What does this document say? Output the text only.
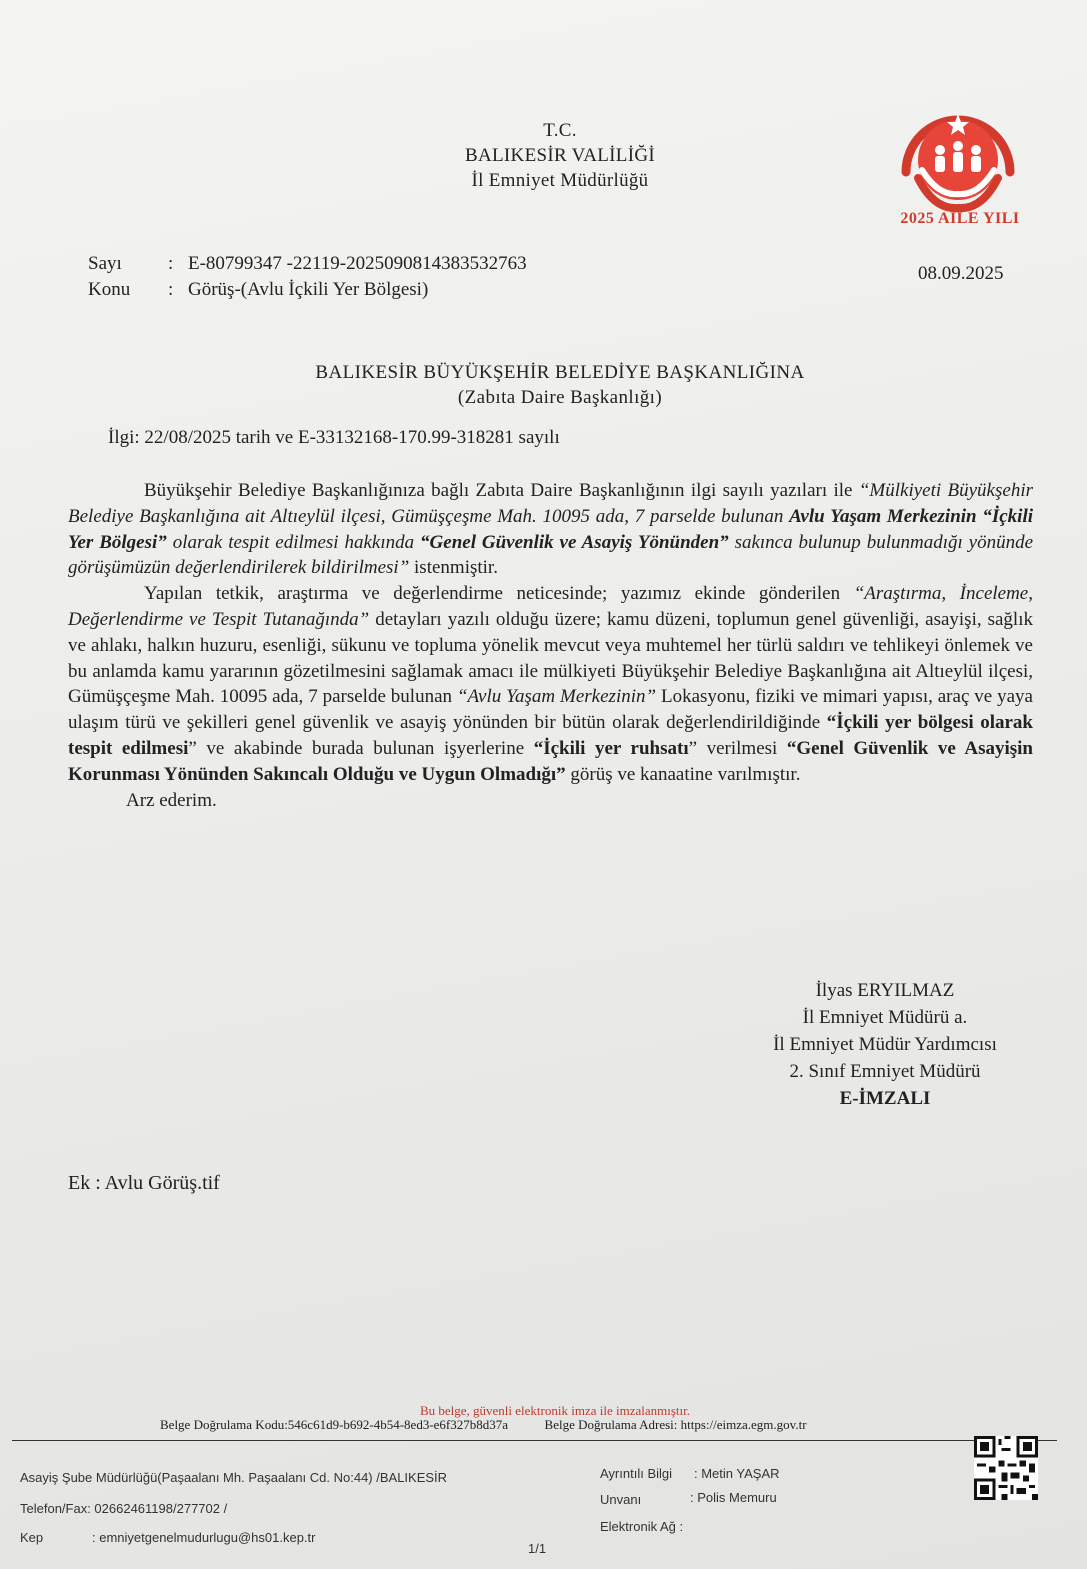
T.C.
BALIKESİR VALİLİĞİ
İl Emniyet Müdürlüğü
2025 AİLE YILI
Sayı : E-80799347 -22119-2025090814383532763
Konu : Görüş-(Avlu İçkili Yer Bölgesi)
08.09.2025
BALIKESİR BÜYÜKŞEHİR BELEDİYE BAŞKANLIĞINA
(Zabıta Daire Başkanlığı)
İlgi: 22/08/2025 tarih ve E-33132168-170.99-318281 sayılı

Büyükşehir Belediye Başkanlığınıza bağlı Zabıta Daire Başkanlığının ilgi sayılı yazıları ile “Mülkiyeti Büyükşehir Belediye Başkanlığına ait Altıeylül ilçesi, Gümüşçeşme Mah. 10095 ada, 7 parselde bulunan Avlu Yaşam Merkezinin “İçkili Yer Bölgesi” olarak tespit edilmesi hakkında “Genel Güvenlik ve Asayiş Yönünden” sakınca bulunup bulunmadığı yönünde görüşümüzün değerlendirilerek bildirilmesi” istenmiştir.

Yapılan tetkik, araştırma ve değerlendirme neticesinde; yazımız ekinde gönderilen “Araştırma, İnceleme, Değerlendirme ve Tespit Tutanağında” detayları yazılı olduğu üzere; kamu düzeni, toplumun genel güvenliği, asayişi, sağlık ve ahlakı, halkın huzuru, esenliği, sükunu ve topluma yönelik mevcut veya muhtemel her türlü saldırı ve tehlikeyi önlemek ve bu anlamda kamu yararının gözetilmesini sağlamak amacı ile mülkiyeti Büyükşehir Belediye Başkanlığına ait Altıeylül ilçesi, Gümüşçeşme Mah. 10095 ada, 7 parselde bulunan “Avlu Yaşam Merkezinin” Lokasyonu, fiziki ve mimari yapısı, araç ve yaya ulaşım türü ve şekilleri genel güvenlik ve asayiş yönünden bir bütün olarak değerlendirildiğinde “İçkili yer bölgesi olarak tespit edilmesi” ve akabinde burada bulunan işyerlerine “İçkili yer ruhsatı” verilmesi “Genel Güvenlik ve Asayişin Korunması Yönünden Sakıncalı Olduğu ve Uygun Olmadığı” görüş ve kanaatine varılmıştır.

Arz ederim.

İlyas ERYILMAZ
İl Emniyet Müdürü a.
İl Emniyet Müdür Yardımcısı
2. Sınıf Emniyet Müdürü
E-İMZALI
Ek : Avlu Görüş.tif
Bu belge, güvenli elektronik imza ile imzalanmıştır.
Belge Doğrulama Kodu:546c61d9-b692-4b54-8ed3-e6f327b8d37a	Belge Doğrulama Adresi: https://eimza.egm.gov.tr
Asayiş Şube Müdürlüğü(Paşaalanı Mh. Paşaalanı Cd. No:44) /BALIKESİR
Telefon/Fax: 02662461198/277702 /
Kep	: emniyetgenelmudurlugu@hs01.kep.tr
Ayrıntılı Bilgi : Metin YAŞAR
Unvanı	: Polis Memuru
Elektronik Ağ :
1/1
